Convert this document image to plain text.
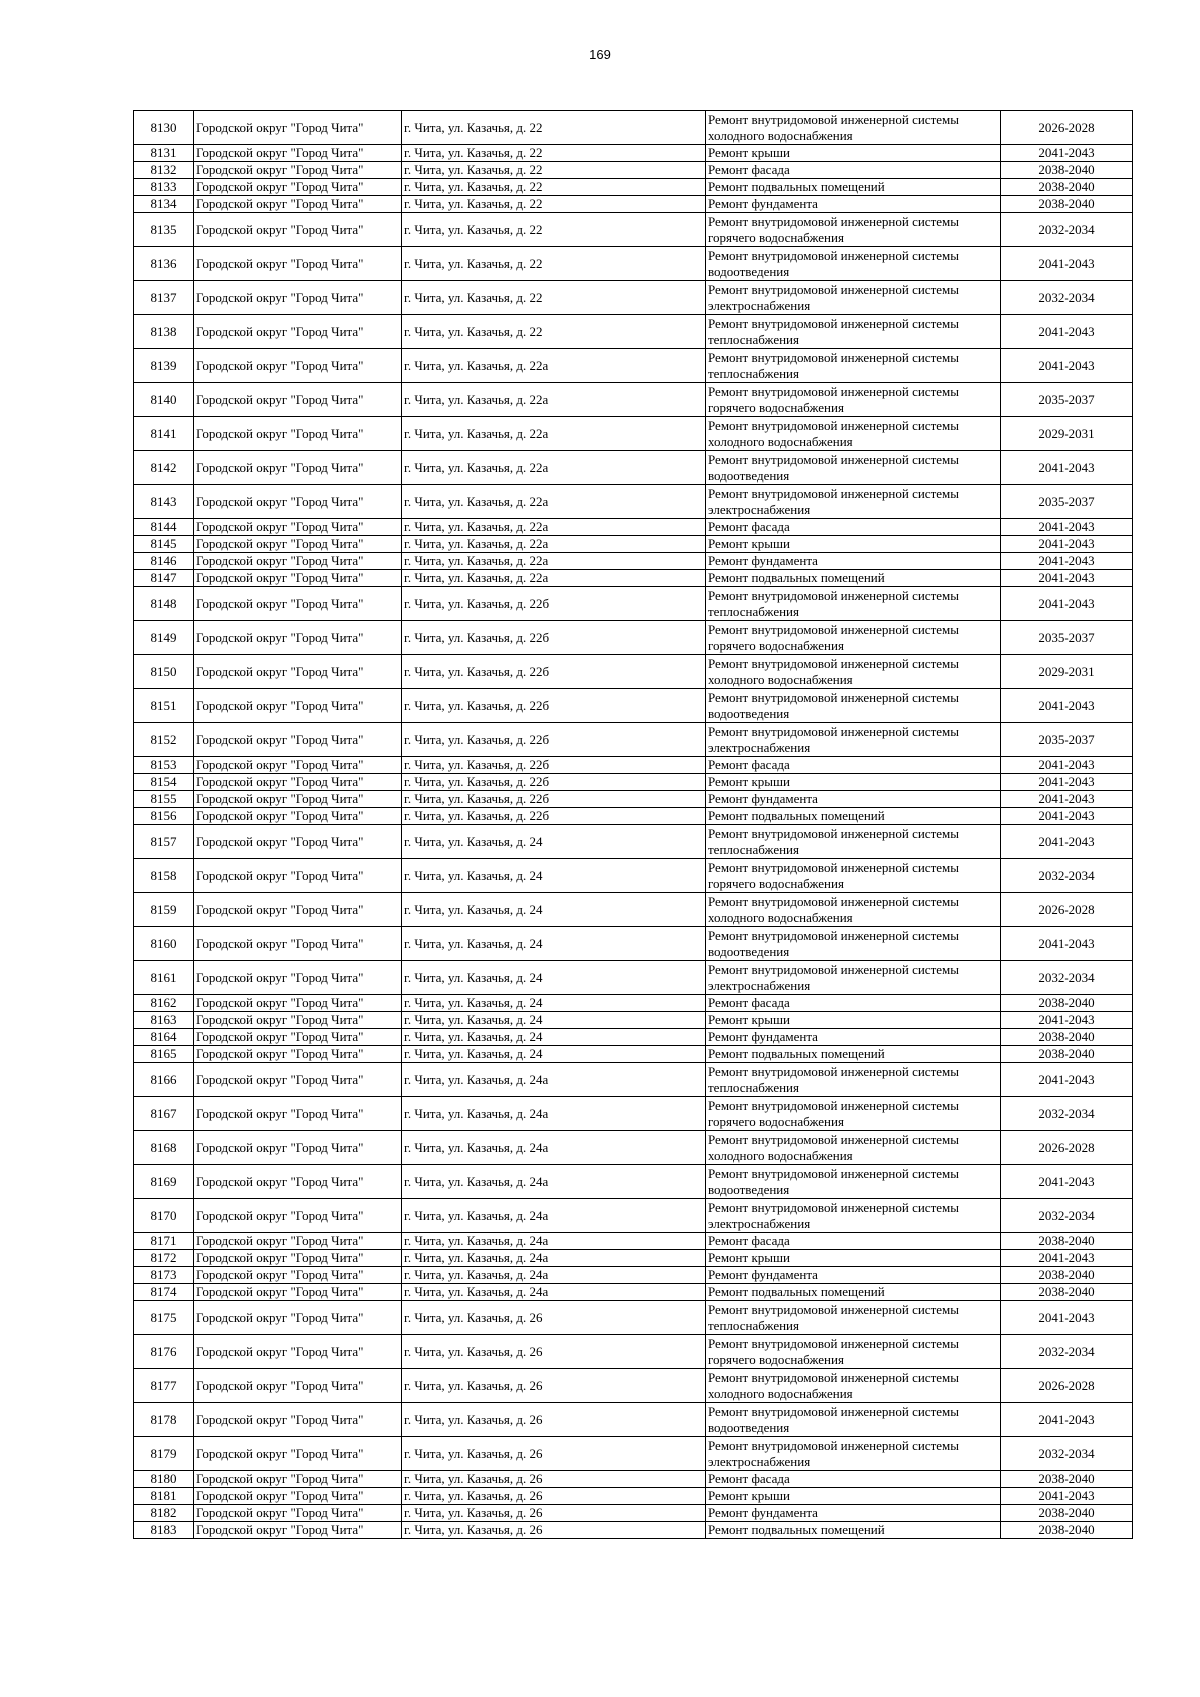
169
8130	Городской округ "Город Чита"	г. Чита, ул. Казачья, д. 22	Ремонт внутридомовой инженерной системы холодного водоснабжения	2026-2028
8131	Городской округ "Город Чита"	г. Чита, ул. Казачья, д. 22	Ремонт крыши	2041-2043
8132	Городской округ "Город Чита"	г. Чита, ул. Казачья, д. 22	Ремонт фасада	2038-2040
8133	Городской округ "Город Чита"	г. Чита, ул. Казачья, д. 22	Ремонт подвальных помещений	2038-2040
8134	Городской округ "Город Чита"	г. Чита, ул. Казачья, д. 22	Ремонт фундамента	2038-2040
8135	Городской округ "Город Чита"	г. Чита, ул. Казачья, д. 22	Ремонт внутридомовой инженерной системы горячего водоснабжения	2032-2034
8136	Городской округ "Город Чита"	г. Чита, ул. Казачья, д. 22	Ремонт внутридомовой инженерной системы водоотведения	2041-2043
8137	Городской округ "Город Чита"	г. Чита, ул. Казачья, д. 22	Ремонт внутридомовой инженерной системы электроснабжения	2032-2034
8138	Городской округ "Город Чита"	г. Чита, ул. Казачья, д. 22	Ремонт внутридомовой инженерной системы теплоснабжения	2041-2043
8139	Городской округ "Город Чита"	г. Чита, ул. Казачья, д. 22а	Ремонт внутридомовой инженерной системы теплоснабжения	2041-2043
8140	Городской округ "Город Чита"	г. Чита, ул. Казачья, д. 22а	Ремонт внутридомовой инженерной системы горячего водоснабжения	2035-2037
8141	Городской округ "Город Чита"	г. Чита, ул. Казачья, д. 22а	Ремонт внутридомовой инженерной системы холодного водоснабжения	2029-2031
8142	Городской округ "Город Чита"	г. Чита, ул. Казачья, д. 22а	Ремонт внутридомовой инженерной системы водоотведения	2041-2043
8143	Городской округ "Город Чита"	г. Чита, ул. Казачья, д. 22а	Ремонт внутридомовой инженерной системы электроснабжения	2035-2037
8144	Городской округ "Город Чита"	г. Чита, ул. Казачья, д. 22а	Ремонт фасада	2041-2043
8145	Городской округ "Город Чита"	г. Чита, ул. Казачья, д. 22а	Ремонт крыши	2041-2043
8146	Городской округ "Город Чита"	г. Чита, ул. Казачья, д. 22а	Ремонт фундамента	2041-2043
8147	Городской округ "Город Чита"	г. Чита, ул. Казачья, д. 22а	Ремонт подвальных помещений	2041-2043
8148	Городской округ "Город Чита"	г. Чита, ул. Казачья, д. 22б	Ремонт внутридомовой инженерной системы теплоснабжения	2041-2043
8149	Городской округ "Город Чита"	г. Чита, ул. Казачья, д. 22б	Ремонт внутридомовой инженерной системы горячего водоснабжения	2035-2037
8150	Городской округ "Город Чита"	г. Чита, ул. Казачья, д. 22б	Ремонт внутридомовой инженерной системы холодного водоснабжения	2029-2031
8151	Городской округ "Город Чита"	г. Чита, ул. Казачья, д. 22б	Ремонт внутридомовой инженерной системы водоотведения	2041-2043
8152	Городской округ "Город Чита"	г. Чита, ул. Казачья, д. 22б	Ремонт внутридомовой инженерной системы электроснабжения	2035-2037
8153	Городской округ "Город Чита"	г. Чита, ул. Казачья, д. 22б	Ремонт фасада	2041-2043
8154	Городской округ "Город Чита"	г. Чита, ул. Казачья, д. 22б	Ремонт крыши	2041-2043
8155	Городской округ "Город Чита"	г. Чита, ул. Казачья, д. 22б	Ремонт фундамента	2041-2043
8156	Городской округ "Город Чита"	г. Чита, ул. Казачья, д. 22б	Ремонт подвальных помещений	2041-2043
8157	Городской округ "Город Чита"	г. Чита, ул. Казачья, д. 24	Ремонт внутридомовой инженерной системы теплоснабжения	2041-2043
8158	Городской округ "Город Чита"	г. Чита, ул. Казачья, д. 24	Ремонт внутридомовой инженерной системы горячего водоснабжения	2032-2034
8159	Городской округ "Город Чита"	г. Чита, ул. Казачья, д. 24	Ремонт внутридомовой инженерной системы холодного водоснабжения	2026-2028
8160	Городской округ "Город Чита"	г. Чита, ул. Казачья, д. 24	Ремонт внутридомовой инженерной системы водоотведения	2041-2043
8161	Городской округ "Город Чита"	г. Чита, ул. Казачья, д. 24	Ремонт внутридомовой инженерной системы электроснабжения	2032-2034
8162	Городской округ "Город Чита"	г. Чита, ул. Казачья, д. 24	Ремонт фасада	2038-2040
8163	Городской округ "Город Чита"	г. Чита, ул. Казачья, д. 24	Ремонт крыши	2041-2043
8164	Городской округ "Город Чита"	г. Чита, ул. Казачья, д. 24	Ремонт фундамента	2038-2040
8165	Городской округ "Город Чита"	г. Чита, ул. Казачья, д. 24	Ремонт подвальных помещений	2038-2040
8166	Городской округ "Город Чита"	г. Чита, ул. Казачья, д. 24а	Ремонт внутридомовой инженерной системы теплоснабжения	2041-2043
8167	Городской округ "Город Чита"	г. Чита, ул. Казачья, д. 24а	Ремонт внутридомовой инженерной системы горячего водоснабжения	2032-2034
8168	Городской округ "Город Чита"	г. Чита, ул. Казачья, д. 24а	Ремонт внутридомовой инженерной системы холодного водоснабжения	2026-2028
8169	Городской округ "Город Чита"	г. Чита, ул. Казачья, д. 24а	Ремонт внутридомовой инженерной системы водоотведения	2041-2043
8170	Городской округ "Город Чита"	г. Чита, ул. Казачья, д. 24а	Ремонт внутридомовой инженерной системы электроснабжения	2032-2034
8171	Городской округ "Город Чита"	г. Чита, ул. Казачья, д. 24а	Ремонт фасада	2038-2040
8172	Городской округ "Город Чита"	г. Чита, ул. Казачья, д. 24а	Ремонт крыши	2041-2043
8173	Городской округ "Город Чита"	г. Чита, ул. Казачья, д. 24а	Ремонт фундамента	2038-2040
8174	Городской округ "Город Чита"	г. Чита, ул. Казачья, д. 24а	Ремонт подвальных помещений	2038-2040
8175	Городской округ "Город Чита"	г. Чита, ул. Казачья, д. 26	Ремонт внутридомовой инженерной системы теплоснабжения	2041-2043
8176	Городской округ "Город Чита"	г. Чита, ул. Казачья, д. 26	Ремонт внутридомовой инженерной системы горячего водоснабжения	2032-2034
8177	Городской округ "Город Чита"	г. Чита, ул. Казачья, д. 26	Ремонт внутридомовой инженерной системы холодного водоснабжения	2026-2028
8178	Городской округ "Город Чита"	г. Чита, ул. Казачья, д. 26	Ремонт внутридомовой инженерной системы водоотведения	2041-2043
8179	Городской округ "Город Чита"	г. Чита, ул. Казачья, д. 26	Ремонт внутридомовой инженерной системы электроснабжения	2032-2034
8180	Городской округ "Город Чита"	г. Чита, ул. Казачья, д. 26	Ремонт фасада	2038-2040
8181	Городской округ "Город Чита"	г. Чита, ул. Казачья, д. 26	Ремонт крыши	2041-2043
8182	Городской округ "Город Чита"	г. Чита, ул. Казачья, д. 26	Ремонт фундамента	2038-2040
8183	Городской округ "Город Чита"	г. Чита, ул. Казачья, д. 26	Ремонт подвальных помещений	2038-2040
